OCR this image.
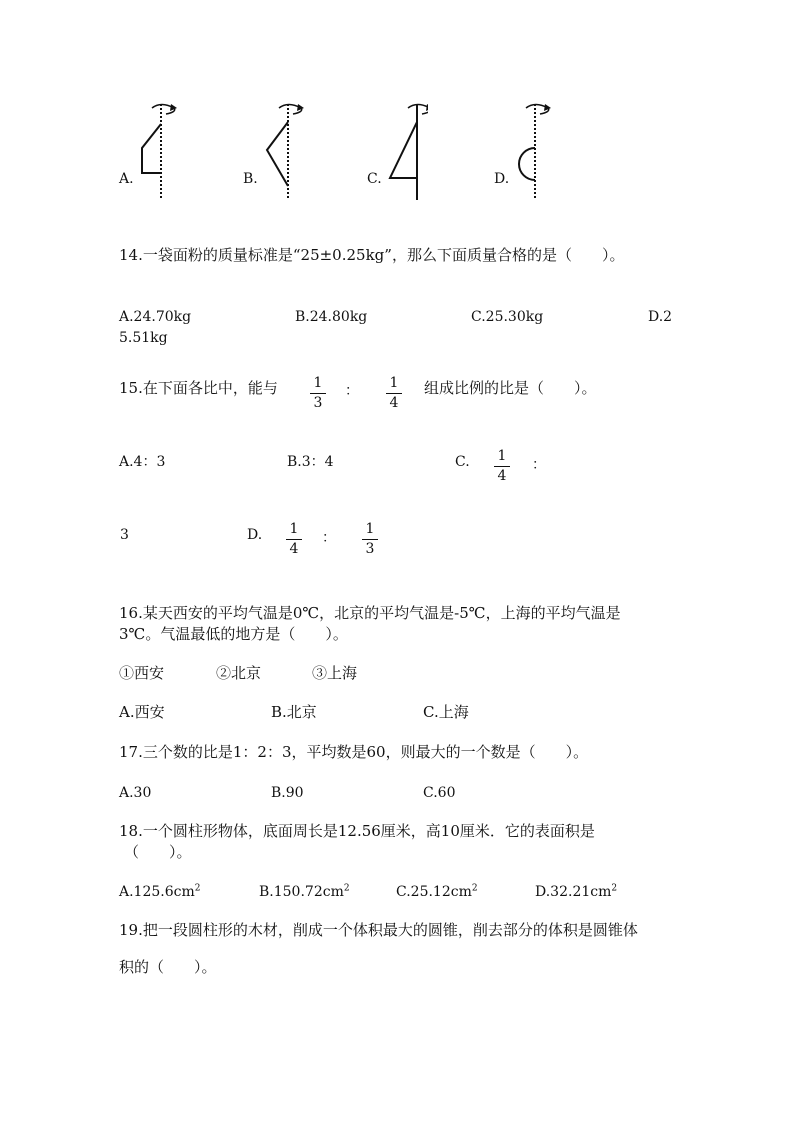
A.	B.	C.	D.
14.一袋面粉的质量标准是“25±0.25kg”，那么下面质量合格的是（　　）。
A.24.70kg	B.24.80kg	C.25.30kg	D.2
5.51kg
15.在下面各比中，能与	1
3
： 1
4
组成比例的比是（　　）。
A.4：3	B.3：4	C. 1
4
：
3	D. 1
4
：
1
3
16.某天西安的平均气温是0℃，北京的平均气温是-5℃，上海的平均气温是
3℃。气温最低的地方是（　　）。
①西安	②北京	③上海
A.西安	B.北京	C.上海
17.三个数的比是1：2：3，平均数是60，则最大的一个数是（　　）。
A.30	B.90	C.60
18.一个圆柱形物体，底面周长是12.56厘米，高10厘米．它的表面积是
（　　）。
$A.125.6cm^2$	$B.150.72cm^2$	$C.25.12cm^2$	$D.32.21cm^2$
19.把一段圆柱形的木材，削成一个体积最大的圆锥，削去部分的体积是圆锥体
积的（　　）。
